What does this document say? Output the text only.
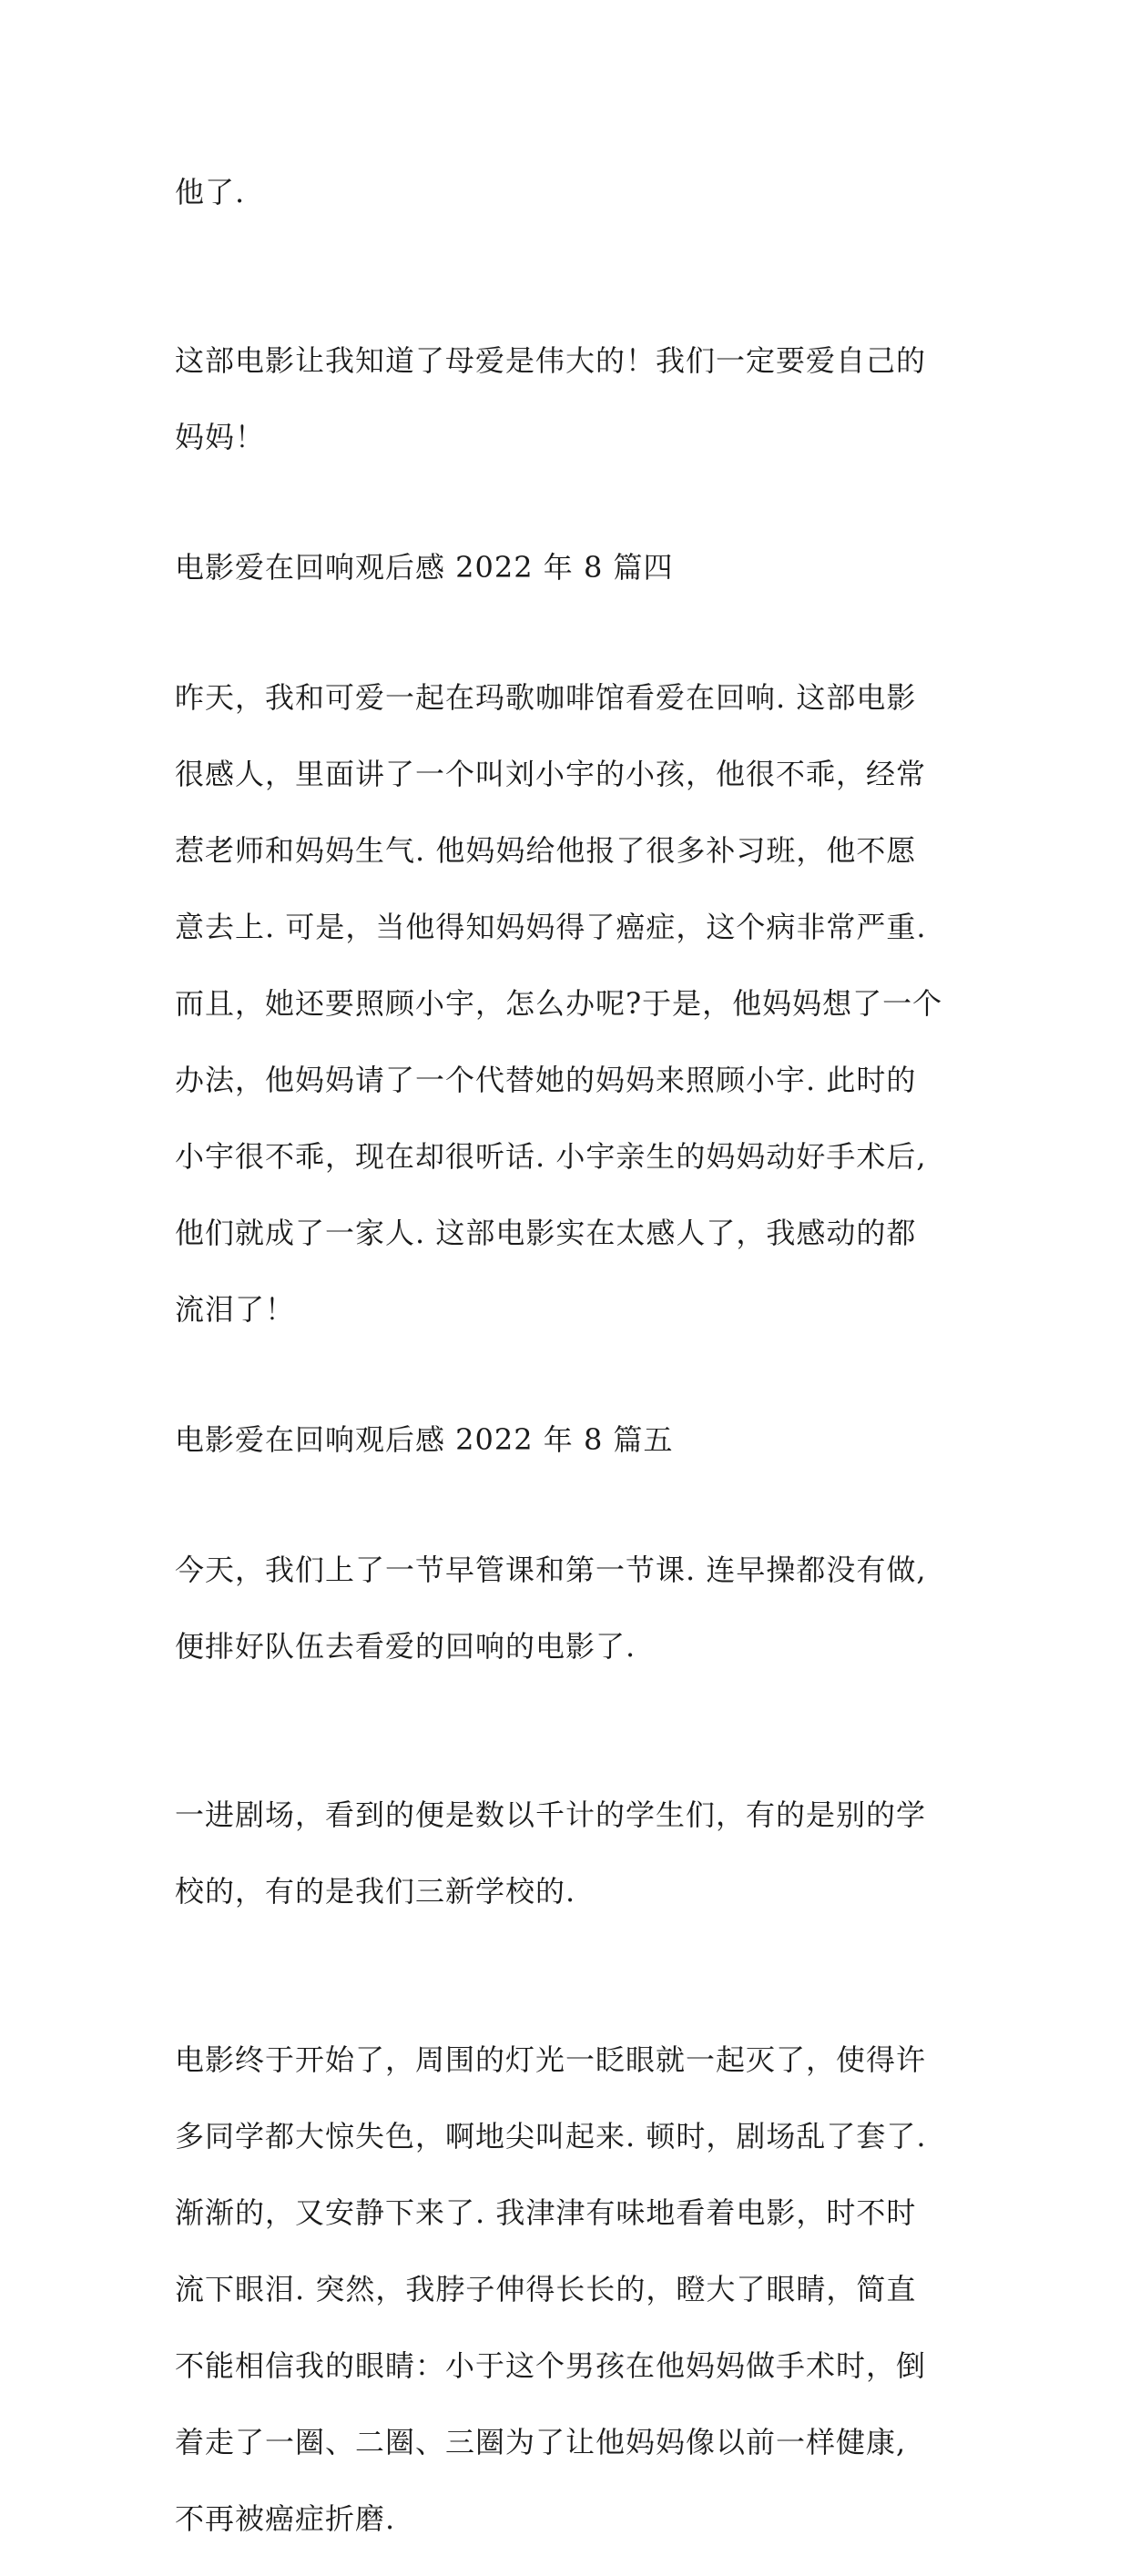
他了.

这部电影让我知道了母爱是伟大的！我们一定要爱自己的

妈妈！

电影爱在回响观后感 2022 年 8 篇四

昨天，我和可爱一起在玛歌咖啡馆看爱在回响. 这部电影

很感人，里面讲了一个叫刘小宇的小孩，他很不乖，经常

惹老师和妈妈生气. 他妈妈给他报了很多补习班，他不愿

意去上. 可是，当他得知妈妈得了癌症，这个病非常严重.

而且，她还要照顾小宇，怎么办呢?于是，他妈妈想了一个

办法，他妈妈请了一个代替她的妈妈来照顾小宇. 此时的

小宇很不乖，现在却很听话. 小宇亲生的妈妈动好手术后,

他们就成了一家人. 这部电影实在太感人了，我感动的都

流泪了！

电影爱在回响观后感 2022 年 8 篇五

今天，我们上了一节早管课和第一节课. 连早操都没有做,

便排好队伍去看爱的回响的电影了.

一进剧场，看到的便是数以千计的学生们，有的是别的学

校的，有的是我们三新学校的.

电影终于开始了，周围的灯光一眨眼就一起灭了，使得许

多同学都大惊失色，啊地尖叫起来. 顿时，剧场乱了套了.

渐渐的，又安静下来了. 我津津有味地看着电影，时不时

流下眼泪. 突然，我脖子伸得长长的，瞪大了眼睛，简直

不能相信我的眼睛：小于这个男孩在他妈妈做手术时，倒

着走了一圈、二圈、三圈为了让他妈妈像以前一样健康,

不再被癌症折磨.
